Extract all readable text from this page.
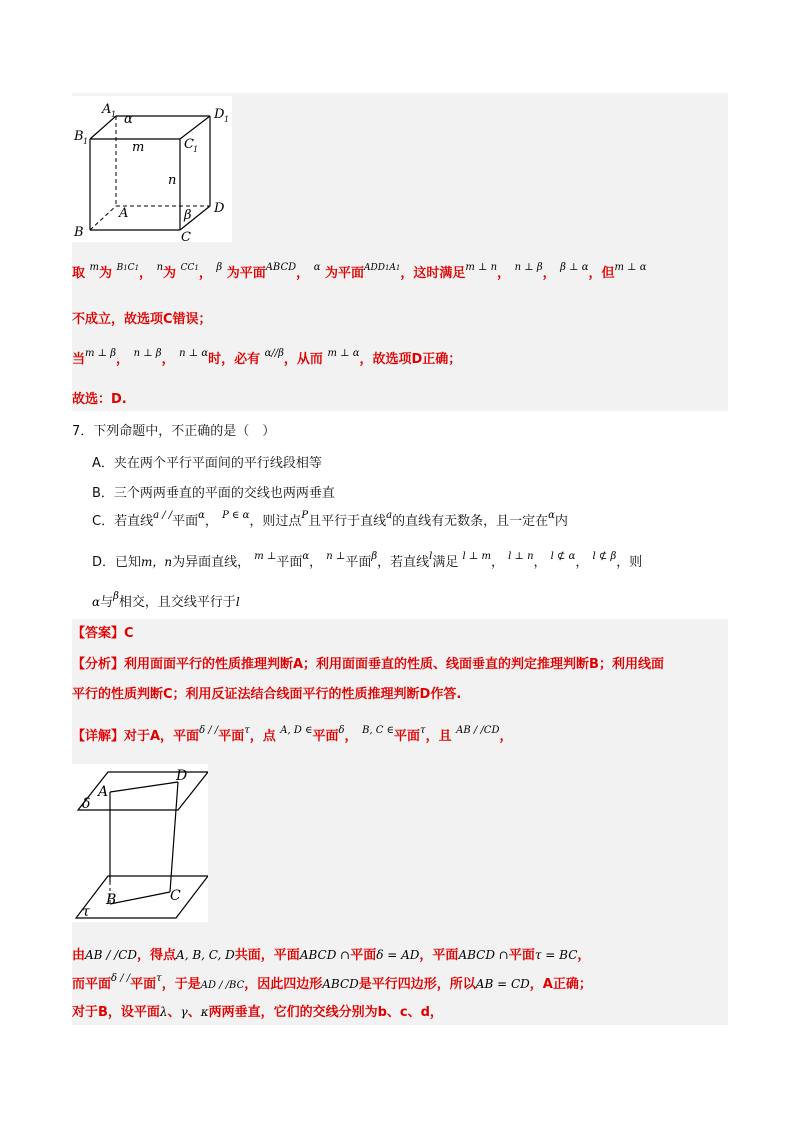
A 1	D 1
B 1	C 1
A
B	C
D
α
β
m
n
取 $^m$为 $^{B1C1}$， $^n$为 $^{CC1}$， $^\beta$ 为平面$^{ABCD}$， $^\alpha$ 为平面$^{ADD1A1}$，这时满足$^{m \perp n}$， $^{n \perp \beta}$， $^{\beta \perp \alpha}$，但$^{m \perp \alpha}$
不成立，故选项C错误；
当$^{m \perp \beta}$， $^{n \perp \beta}$， $^{n \perp \alpha}$时，必有 $^{\alpha//\beta}$，从而 $^{m \perp \alpha}$，故选项D正确；
故选：D.
7．下列命题中，不正确的是（　）
A．夹在两个平行平面间的平行线段相等
B．三个两两垂直的平面的交线也两两垂直
C．若直线$^{a / /}$平面$^\alpha$， $^{P \in \alpha}$，则过点$^P$且平行于直线$^a$的直线有无数条，且一定在$^\alpha$内
D．已知m，n为异面直线， $^{m \perp}$平面$^\alpha$， $^{n \perp}$平面$^\beta$，若直线$^l$满足 $^{l \perp m}$， $^{l \perp n}$， $^{l ⊄ \alpha}$， $^{l ⊄ \beta}$，则
α与$^\beta$相交，且交线平行于l
【答案】C
【分析】利用面面平行的性质推理判断A；利用面面垂直的性质、线面垂直的判定推理判断B；利用线面
平行的性质判断C；利用反证法结合线面平行的性质推理判断D作答.
【详解】对于A，平面$^{\delta / /}$平面$^\tau$，点 $^{A, D \in}$平面$^\delta$， $^{B, C \in}$平面$^\tau$，且 $^{AB / /CD}$，
A
D
B	C
δ
τ
由AB / /CD，得点A, B, C, D共面，平面ABCD ∩平面δ = AD，平面ABCD ∩平面τ = BC，
而平面$^{\delta / /}$平面$^\tau$，于是AD / /BC，因此四边形ABCD是平行四边形，所以AB = CD，A正确；
对于B，设平面λ、γ、κ两两垂直，它们的交线分别为b、c、d，
